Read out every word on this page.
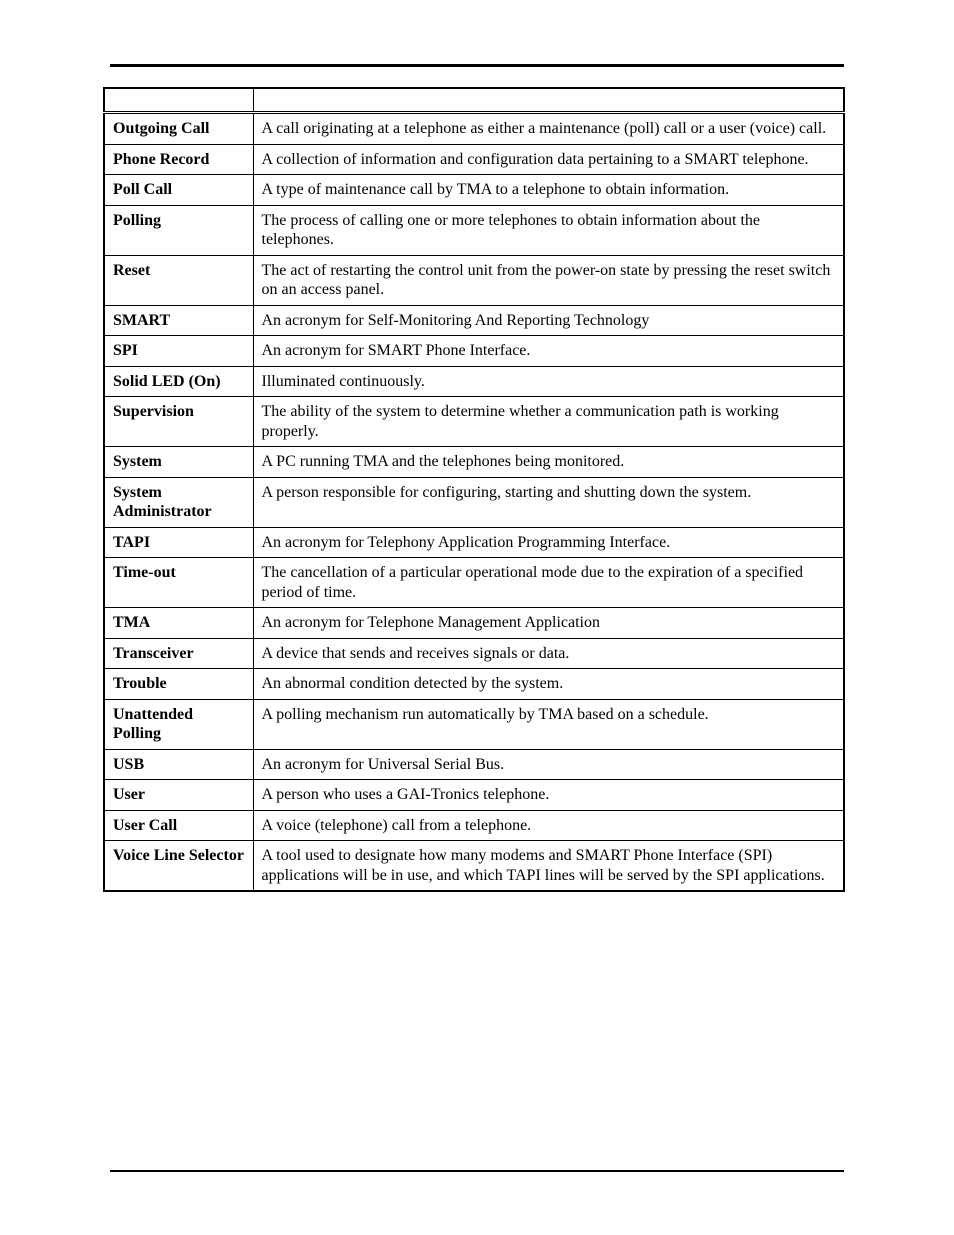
Outgoing Call	A call originating at a telephone as either a maintenance (poll) call or a user (voice) call.
Phone Record	A collection of information and configuration data pertaining to a SMART telephone.
Poll Call	A type of maintenance call by TMA to a telephone to obtain information.
Polling	The process of calling one or more telephones to obtain information about the telephones.
Reset	The act of restarting the control unit from the power-on state by pressing the reset switch on an access panel.
SMART	An acronym for Self-Monitoring And Reporting Technology
SPI	An acronym for SMART Phone Interface.
Solid LED (On)	Illuminated continuously.
Supervision	The ability of the system to determine whether a communication path is working properly.
System	A PC running TMA and the telephones being monitored.
System Administrator	A person responsible for configuring, starting and shutting down the system.
TAPI	An acronym for Telephony Application Programming Interface.
Time-out	The cancellation of a particular operational mode due to the expiration of a specified period of time.
TMA	An acronym for Telephone Management Application
Transceiver	A device that sends and receives signals or data.
Trouble	An abnormal condition detected by the system.
Unattended Polling	A polling mechanism run automatically by TMA based on a schedule.
USB	An acronym for Universal Serial Bus.
User	A person who uses a GAI-Tronics telephone.
User Call	A voice (telephone) call from a telephone.
Voice Line Selector	A tool used to designate how many modems and SMART Phone Interface (SPI) applications will be in use, and which TAPI lines will be served by the SPI applications.
